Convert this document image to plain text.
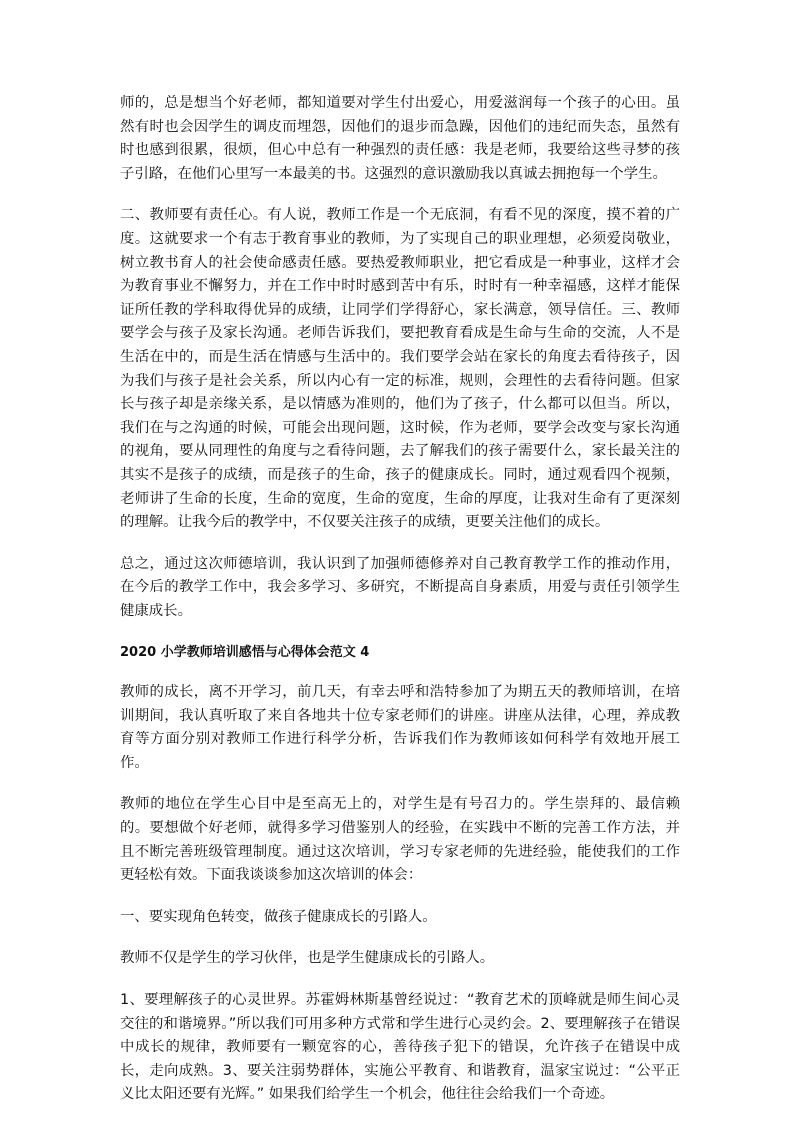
师的，总是想当个好老师，都知道要对学生付出爱心，用爱滋润每一个孩子的心田。虽然有时也会因学生的调皮而埋怨，因他们的退步而急躁，因他们的违纪而失态，虽然有时也感到很累，很烦，但心中总有一种强烈的责任感：我是老师，我要给这些寻梦的孩子引路，在他们心里写一本最美的书。这强烈的意识激励我以真诚去拥抱每一个学生。

二、教师要有责任心。有人说，教师工作是一个无底洞，有看不见的深度，摸不着的广度。这就要求一个有志于教育事业的教师，为了实现自己的职业理想，必须爱岗敬业，树立教书育人的社会使命感责任感。要热爱教师职业，把它看成是一种事业，这样才会为教育事业不懈努力，并在工作中时时感到苦中有乐，时时有一种幸福感，这样才能保证所任教的学科取得优异的成绩，让同学们学得舒心，家长满意，领导信任。三、教师要学会与孩子及家长沟通。老师告诉我们，要把教育看成是生命与生命的交流，人不是生活在中的，而是生活在情感与生活中的。我们要学会站在家长的角度去看待孩子，因为我们与孩子是社会关系，所以内心有一定的标准，规则，会理性的去看待问题。但家长与孩子却是亲缘关系，是以情感为准则的，他们为了孩子，什么都可以但当。所以，我们在与之沟通的时候，可能会出现问题，这时候，作为老师，要学会改变与家长沟通的视角，要从同理性的角度与之看待问题，去了解我们的孩子需要什么，家长最关注的其实不是孩子的成绩，而是孩子的生命，孩子的健康成长。同时，通过观看四个视频，老师讲了生命的长度，生命的宽度，生命的宽度，生命的厚度，让我对生命有了更深刻的理解。让我今后的教学中，不仅要关注孩子的成绩，更要关注他们的成长。

总之，通过这次师德培训，我认识到了加强师德修养对自己教育教学工作的推动作用，在今后的教学工作中，我会多学习、多研究，不断提高自身素质，用爱与责任引领学生健康成长。

2020 小学教师培训感悟与心得体会范文 4

教师的成长，离不开学习，前几天，有幸去呼和浩特参加了为期五天的教师培训，在培训期间，我认真听取了来自各地共十位专家老师们的讲座。讲座从法律，心理，养成教育等方面分别对教师工作进行科学分析，告诉我们作为教师该如何科学有效地开展工作。

教师的地位在学生心目中是至高无上的，对学生是有号召力的。学生崇拜的、最信赖的。要想做个好老师，就得多学习借鉴别人的经验，在实践中不断的完善工作方法，并且不断完善班级管理制度。通过这次培训，学习专家老师的先进经验，能使我们的工作更轻松有效。下面我谈谈参加这次培训的体会：

一、要实现角色转变，做孩子健康成长的引路人。

教师不仅是学生的学习伙伴，也是学生健康成长的引路人。

1、要理解孩子的心灵世界。苏霍姆林斯基曾经说过：“教育艺术的顶峰就是师生间心灵交往的和谐境界。”所以我们可用多种方式常和学生进行心灵约会。2、要理解孩子在错误中成长的规律，教师要有一颗宽容的心，善待孩子犯下的错误，允许孩子在错误中成长，走向成熟。3、要关注弱势群体，实施公平教育、和谐教育，温家宝说过：“公平正义比太阳还要有光辉。” 如果我们给学生一个机会，他往往会给我们一个奇迹。
